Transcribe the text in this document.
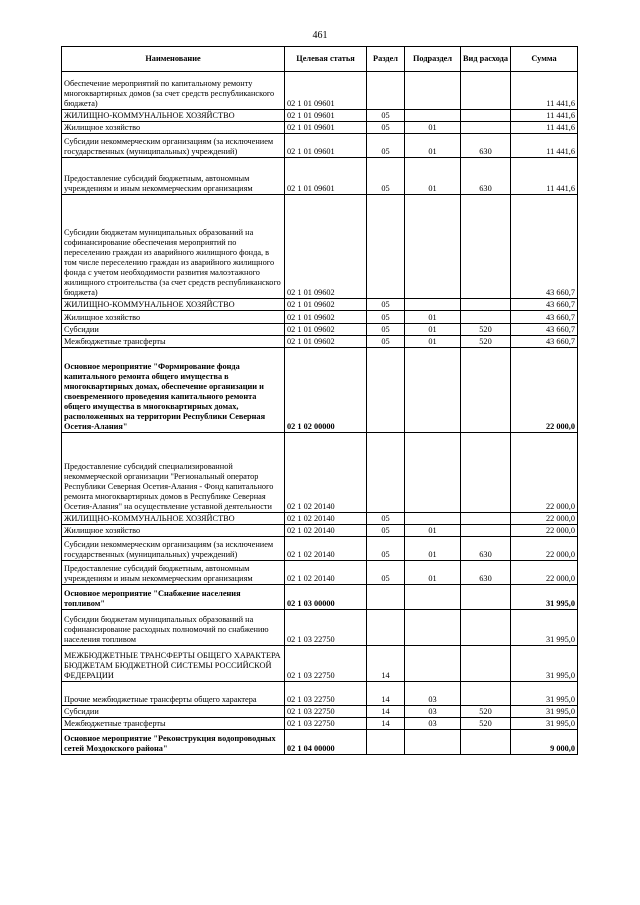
461
Наименование	Целевая статья	Раздел	Подраздел	Вид расхода	Сумма
Обеспечение мероприятий по капитальному ремонту многоквартирных домов (за счет средств республиканского бюджета)	02 1 01 09601				11 441,6
ЖИЛИЩНО-КОММУНАЛЬНОЕ ХОЗЯЙСТВО	02 1 01 09601	05			11 441,6
Жилищное хозяйство	02 1 01 09601	05	01		11 441,6
Субсидии некоммерческим организациям (за исключением государственных (муниципальных) учреждений)	02 1 01 09601	05	01	630	11 441,6
Предоставление субсидий бюджетным, автономным учреждениям и иным некоммерческим организациям	02 1 01 09601	05	01	630	11 441,6
Субсидии бюджетам муниципальных образований на софинансирование обеспечения мероприятий по переселению граждан из аварийного жилищного фонда, в том числе переселению граждан из аварийного жилищного фонда с учетом необходимости развития малоэтажного жилищного строительства (за счет средств республиканского бюджета)	02 1 01 09602				43 660,7
ЖИЛИЩНО-КОММУНАЛЬНОЕ ХОЗЯЙСТВО	02 1 01 09602	05			43 660,7
Жилищное хозяйство	02 1 01 09602	05	01		43 660,7
Субсидии	02 1 01 09602	05	01	520	43 660,7
Межбюджетные трансферты	02 1 01 09602	05	01	520	43 660,7
Основное мероприятие "Формирование фонда капитального ремонта общего имущества в многоквартирных домах, обеспечение организации и своевременного проведения капитального ремонта общего имущества в многоквартирных домах, расположенных на территории Республики Северная Осетия-Алания"	02 1 02 00000				22 000,0
Предоставление субсидий специализированной некоммерческой организации "Региональный оператор Республики Северная Осетия-Алания - Фонд капитального ремонта многоквартирных домов в Республике Северная Осетия-Алания" на осуществление уставной деятельности	02 1 02 20140				22 000,0
ЖИЛИЩНО-КОММУНАЛЬНОЕ ХОЗЯЙСТВО	02 1 02 20140	05			22 000,0
Жилищное хозяйство	02 1 02 20140	05	01		22 000,0
Субсидии некоммерческим организациям (за исключением государственных (муниципальных) учреждений)	02 1 02 20140	05	01	630	22 000,0
Предоставление субсидий бюджетным, автономным учреждениям и иным некоммерческим организациям	02 1 02 20140	05	01	630	22 000,0
Основное мероприятие "Снабжение населения топливом"	02 1 03 00000				31 995,0
Субсидии бюджетам муниципальных образований на софинансирование расходных полномочий по снабжению населения топливом	02 1 03 22750				31 995,0
МЕЖБЮДЖЕТНЫЕ ТРАНСФЕРТЫ ОБЩЕГО ХАРАКТЕРА БЮДЖЕТАМ БЮДЖЕТНОЙ СИСТЕМЫ РОССИЙСКОЙ ФЕДЕРАЦИИ	02 1 03 22750	14			31 995,0
Прочие межбюджетные трансферты общего характера	02 1 03 22750	14	03		31 995,0
Субсидии	02 1 03 22750	14	03	520	31 995,0
Межбюджетные трансферты	02 1 03 22750	14	03	520	31 995,0
Основное мероприятие "Реконструкция водопроводных сетей Моздокского района"	02 1 04 00000				9 000,0
